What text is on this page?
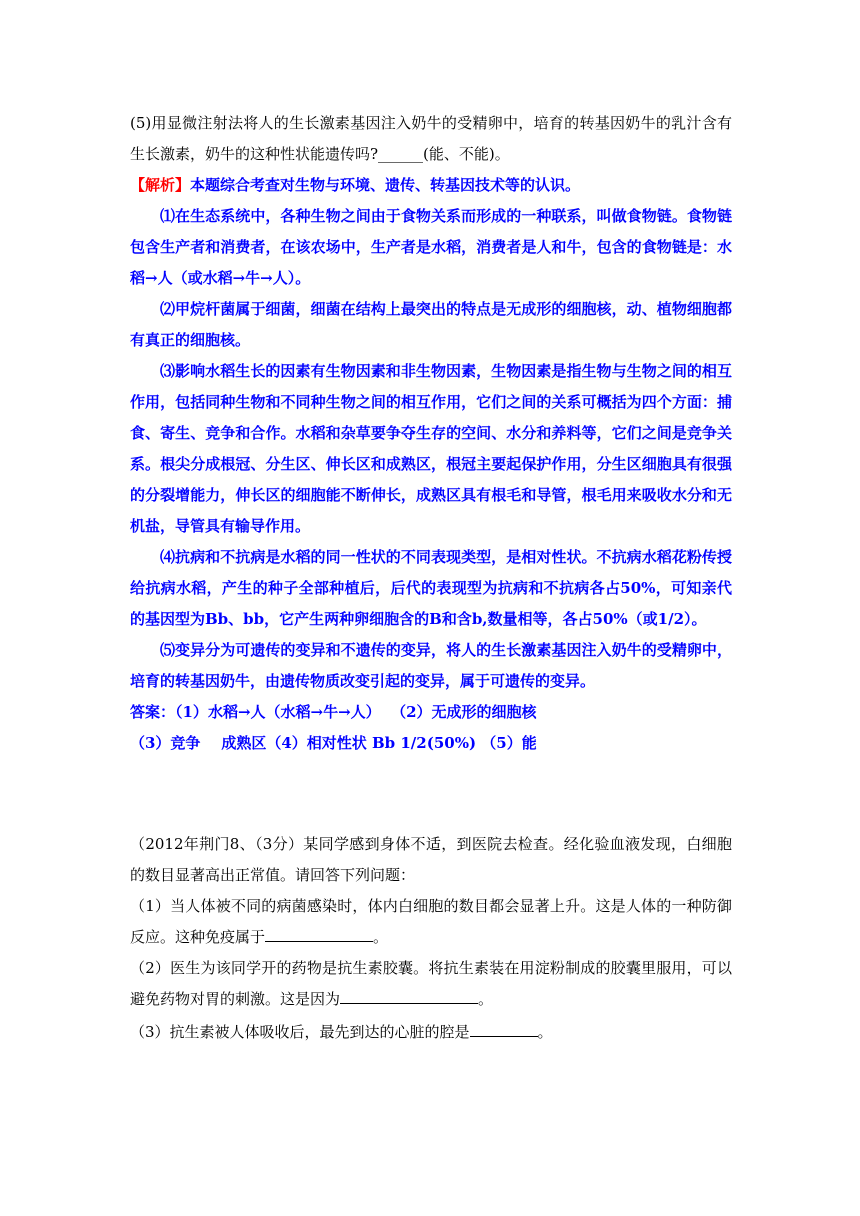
(5)用显微注射法将人的生长激素基因注入奶牛的受精卵中，培育的转基因奶牛的乳汁含有生长激素，奶牛的这种性状能遗传吗?______(能、不能)。

【解析】本题综合考查对生物与环境、遗传、转基因技术等的认识。

⑴在生态系统中，各种生物之间由于食物关系而形成的一种联系，叫做食物链。食物链包含生产者和消费者，在该农场中，生产者是水稻，消费者是人和牛，包含的食物链是：水稻→人（或水稻→牛→人）。

⑵甲烷杆菌属于细菌，细菌在结构上最突出的特点是无成形的细胞核，动、植物细胞都有真正的细胞核。

⑶影响水稻生长的因素有生物因素和非生物因素，生物因素是指生物与生物之间的相互作用，包括同种生物和不同种生物之间的相互作用，它们之间的关系可概括为四个方面：捕食、寄生、竞争和合作。水稻和杂草要争夺生存的空间、水分和养料等，它们之间是竞争关系。根尖分成根冠、分生区、伸长区和成熟区，根冠主要起保护作用，分生区细胞具有很强的分裂增能力，伸长区的细胞能不断伸长，成熟区具有根毛和导管，根毛用来吸收水分和无机盐，导管具有输导作用。

⑷抗病和不抗病是水稻的同一性状的不同表现类型，是相对性状。不抗病水稻花粉传授给抗病水稻，产生的种子全部种植后，后代的表现型为抗病和不抗病各占50%，可知亲代的基因型为Bb、bb，它产生两种卵细胞含的B和含b,数量相等，各占50%（或1/2）。

⑸变异分为可遗传的变异和不遗传的变异，将人的生长激素基因注入奶牛的受精卵中，培育的转基因奶牛，由遗传物质改变引起的变异，属于可遗传的变异。

答案：（1）水稻→人（水稻→牛→人）  （2）无成形的细胞核

（3）竞争    成熟区（4）相对性状 Bb 1/2(50%) （5）能

（2012年荆门8、（3分）某同学感到身体不适，到医院去检查。经化验血液发现，白细胞的数目显著高出正常值。请回答下列问题：

（1）当人体被不同的病菌感染时，体内白细胞的数目都会显著上升。这是人体的一种防御反应。这种免疫属于	。

（2）医生为该同学开的药物是抗生素胶囊。将抗生素装在用淀粉制成的胶囊里服用，可以避免药物对胃的刺激。这是因为	。

（3）抗生素被人体吸收后，最先到达的心脏的腔是	。
